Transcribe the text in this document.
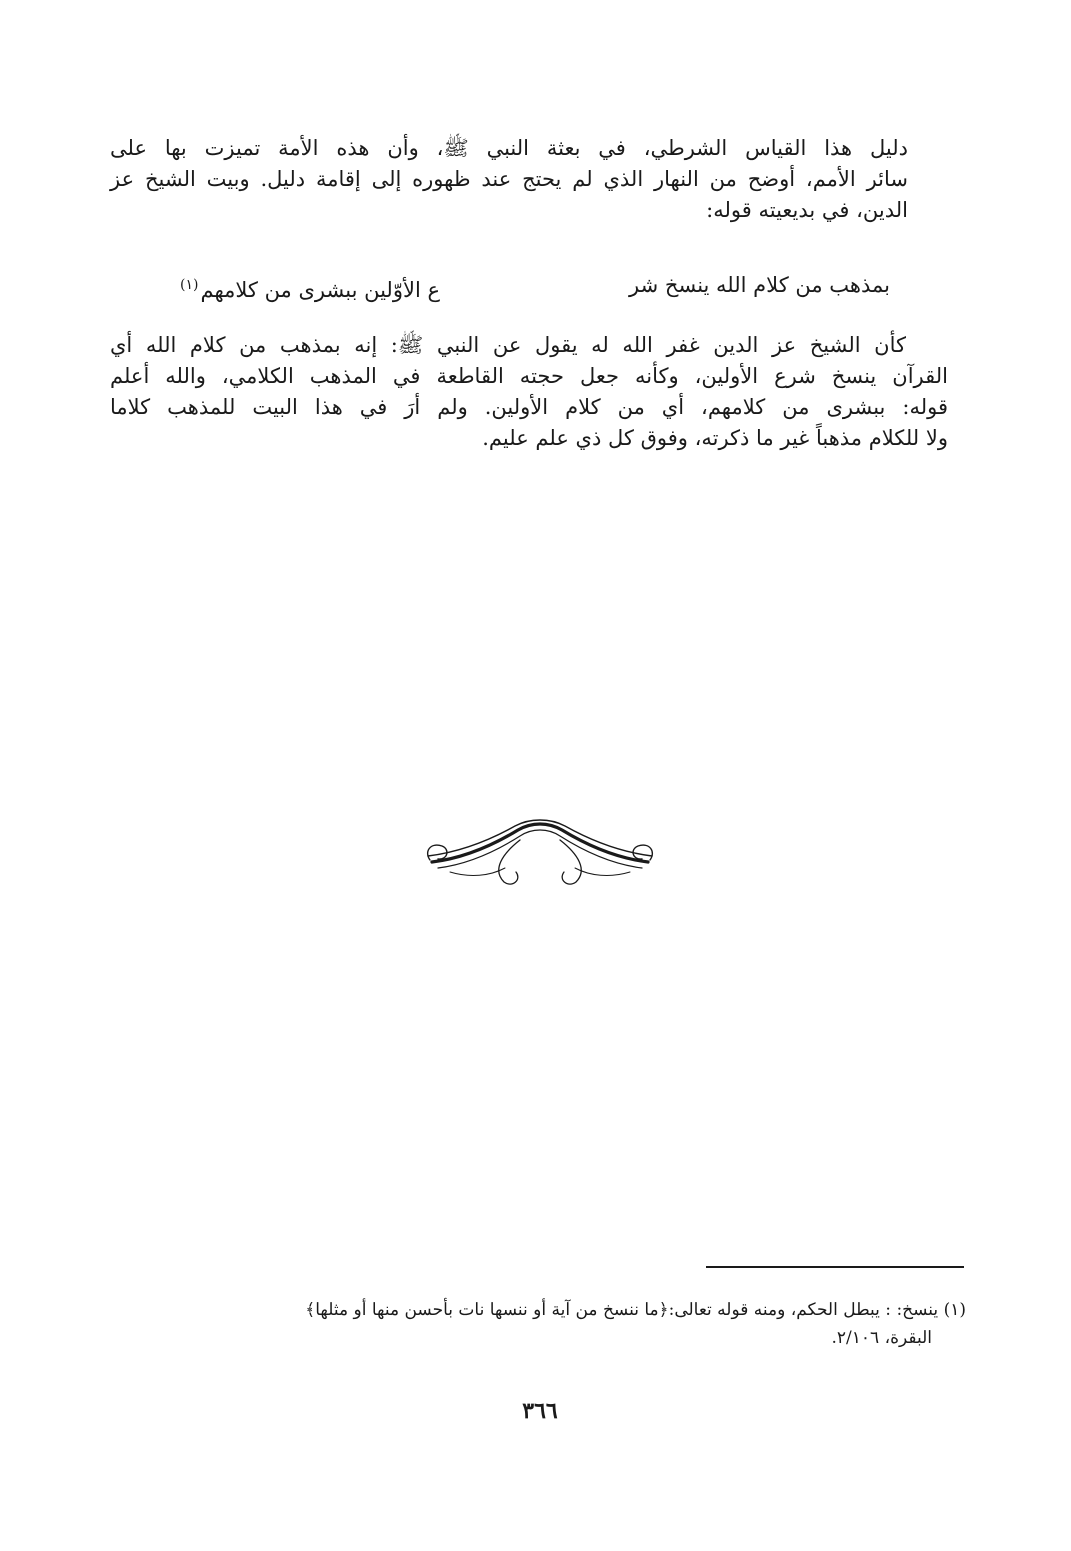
دليل هذا القياس الشرطي، في بعثة النبي ﷺ، وأن هذه الأمة تميزت بها على
سائر الأمم، أوضح من النهار الذي لم يحتج عند ظهوره إلى إقامة دليل. وبيت الشيخ عز
الدين، في بديعيته قوله:
بمذهب من كلام الله ينسخ شر
ع الأوّلين ببشرى من كلامهم$^{(١)}$
كأن الشيخ عز الدين غفر الله له يقول عن النبي ﷺ: إنه بمذهب من كلام الله أي
القرآن ينسخ شرع الأولين، وكأنه جعل حجته القاطعة في المذهب الكلامي، والله أعلم
قوله: ببشرى من كلامهم، أي من كلام الأولين. ولم أرَ في هذا البيت للمذهب كلاما
ولا للكلام مذهباً غير ما ذكرته، وفوق كل ذي علم عليم.
(١) ينسخ: : يبطل الحكم، ومنه قوله تعالى:﴿ما ننسخ من آية أو ننسها نات بأحسن منها أو مثلها﴾
البقرة، ٢/١٠٦.
٣٦٦
